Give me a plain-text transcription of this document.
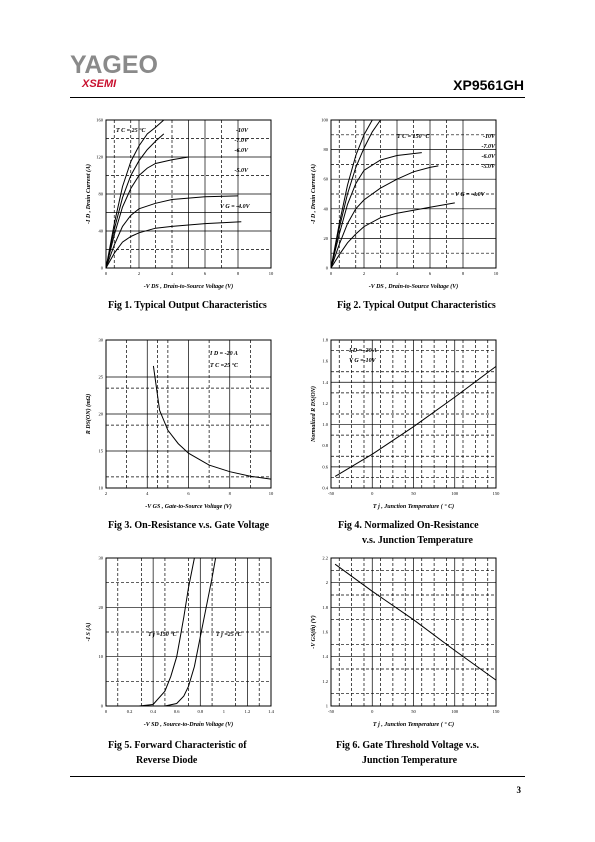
YAGEO
XSEMI	XP9561GH
0	2	4	6	8	10
0
40
80
120
160
-V DS , Drain-to-Source Voltage (V)
-I D , Drain Current (A)
T C = 25 °C	-10V
-7.0V
-6.0V
-5.0V
V G = -4.0V
0	2	4	6	8	10
0
20
40
60
80
100
-V DS , Drain-to-Source Voltage (V)
-I D , Drain Current (A)
T C = 150 °C	-10V
-7.0V
-6.0V
-5.0V
V G = -4.0V
2	4	6	8	10
10
15
20
25
30
-V GS , Gate-to-Source Voltage (V)
R DS(ON) (mΩ)
I D = -20 A
T C =25 °C
-50	0	50	100	150
0.4
0.6
0.8
1.0
1.2
1.4
1.6
1.8
T j , Junction Temperature ( ° C)
Normalized R DS(ON)
I D = -20 A
V G =-10V
0	0.2	0.4	0.6	0.8	1	1.2	1.4
0
10
20
30
-V SD , Source-to-Drain Voltage (V)
-I S (A)	T j =150 °C	T j =25 °C
-50	0	50	100	150
1
1.2
1.4
1.6
1.8
2
2.2
T j , Junction Temperature ( ° C)
-V GS(th) (V)
Fig 1. Typical Output Characteristics	Fig 2. Typical Output Characteristics
Fig 3. On-Resistance v.s. Gate Voltage	Fig 4. Normalized On-Resistance
v.s. Junction Temperature
Fig 5. Forward Characteristic of
Reverse Diode
Fig 6. Gate Threshold Voltage v.s.
Junction Temperature
3
